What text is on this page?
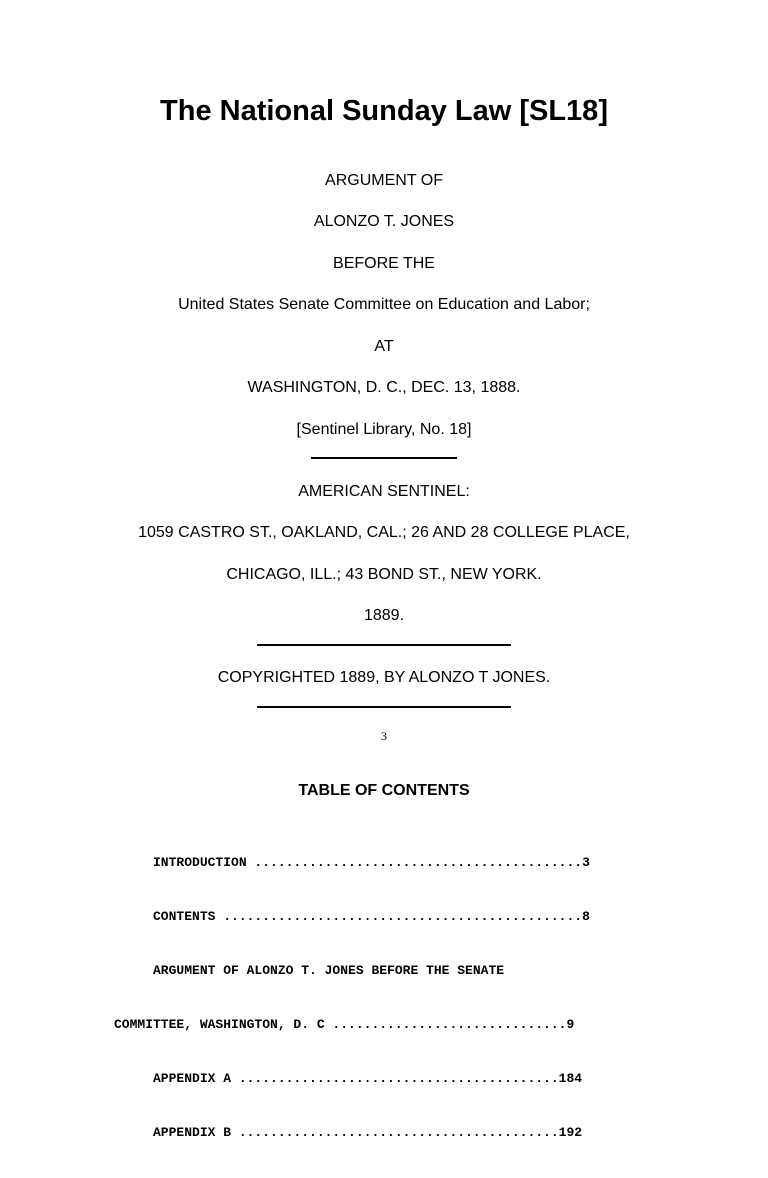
The National Sunday Law [SL18]
ARGUMENT OF
ALONZO T. JONES
BEFORE THE
United States Senate Committee on Education and Labor;
AT
WASHINGTON, D. C., DEC. 13, 1888.
[Sentinel Library, No. 18]
AMERICAN SENTINEL:
1059 CASTRO ST., OAKLAND, CAL.; 26 AND 28 COLLEGE PLACE,
CHICAGO, ILL.; 43 BOND ST., NEW YORK.
1889.
COPYRIGHTED 1889, BY ALONZO T JONES.
3
TABLE OF CONTENTS

INTRODUCTION ..........................................3

CONTENTS ..............................................8

ARGUMENT OF ALONZO T. JONES BEFORE THE SENATE

COMMITTEE, WASHINGTON, D. C ..............................9

APPENDIX A .........................................184

APPENDIX B .........................................192
